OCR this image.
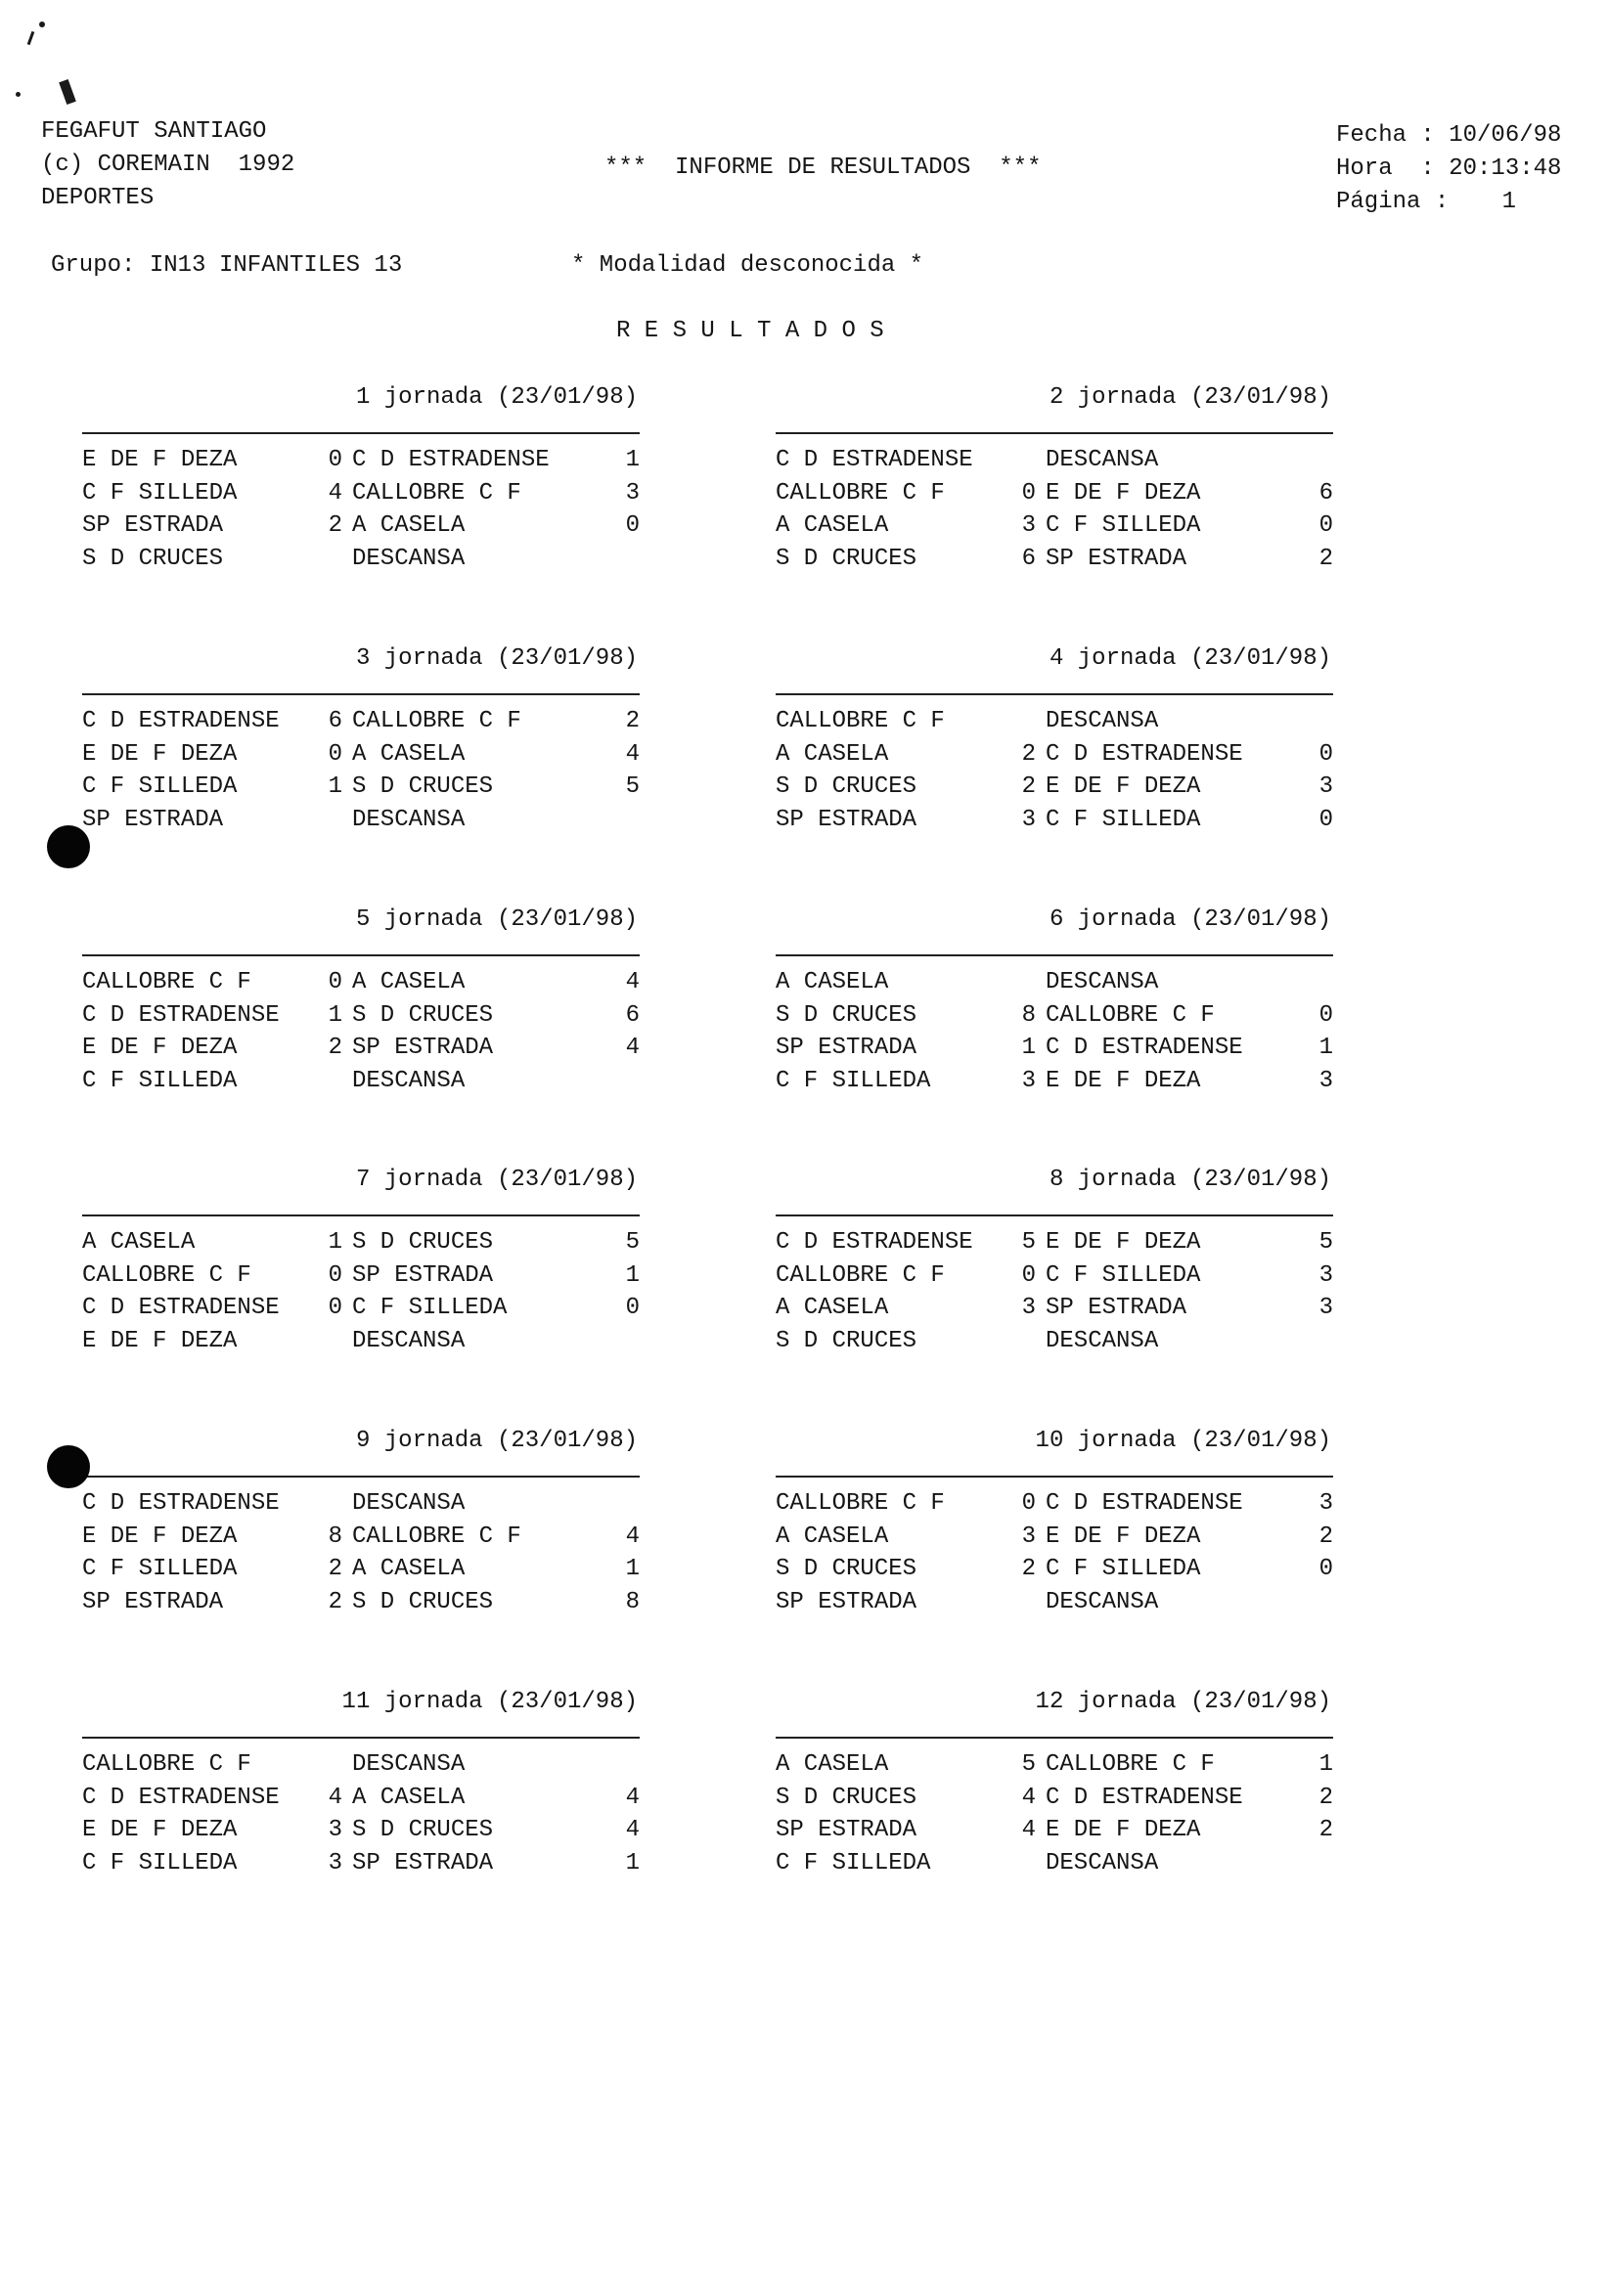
FEGAFUT SANTIAGO
(c) COREMAIN  1992
DEPORTES
***  INFORME DE RESULTADOS  ***
Fecha : 10/06/98
Hora  : 20:13:48
Página :	1
Grupo: IN13 INFANTILES 13	* Modalidad desconocida *
R E S U L T A D O S
1 jornada (23/01/98)
E DE F DEZA	0 C D ESTRADENSE	1
C F SILLEDA	4 CALLOBRE C F	3
SP ESTRADA	2 A CASELA	0
S D CRUCES	DESCANSA
2 jornada (23/01/98)
C D ESTRADENSE	DESCANSA
CALLOBRE C F	0 E DE F DEZA	6
A CASELA	3 C F SILLEDA	0
S D CRUCES	6 SP ESTRADA	2
3 jornada (23/01/98)
C D ESTRADENSE	6 CALLOBRE C F	2
E DE F DEZA	0 A CASELA	4
C F SILLEDA	1 S D CRUCES	5
SP ESTRADA	DESCANSA
4 jornada (23/01/98)
CALLOBRE C F	DESCANSA
A CASELA	2 C D ESTRADENSE	0
S D CRUCES	2 E DE F DEZA	3
SP ESTRADA	3 C F SILLEDA	0
5 jornada (23/01/98)
CALLOBRE C F	0 A CASELA	4
C D ESTRADENSE	1 S D CRUCES	6
E DE F DEZA	2 SP ESTRADA	4
C F SILLEDA	DESCANSA
6 jornada (23/01/98)
A CASELA	DESCANSA
S D CRUCES	8 CALLOBRE C F	0
SP ESTRADA	1 C D ESTRADENSE	1
C F SILLEDA	3 E DE F DEZA	3
7 jornada (23/01/98)
A CASELA	1 S D CRUCES	5
CALLOBRE C F	0 SP ESTRADA	1
C D ESTRADENSE	0 C F SILLEDA	0
E DE F DEZA	DESCANSA
8 jornada (23/01/98)
C D ESTRADENSE	5 E DE F DEZA	5
CALLOBRE C F	0 C F SILLEDA	3
A CASELA	3 SP ESTRADA	3
S D CRUCES	DESCANSA
9 jornada (23/01/98)
C D ESTRADENSE	DESCANSA
E DE F DEZA	8 CALLOBRE C F	4
C F SILLEDA	2 A CASELA	1
SP ESTRADA	2 S D CRUCES	8
10 jornada (23/01/98)
CALLOBRE C F	0 C D ESTRADENSE	3
A CASELA	3 E DE F DEZA	2
S D CRUCES	2 C F SILLEDA	0
SP ESTRADA	DESCANSA
11 jornada (23/01/98)
CALLOBRE C F	DESCANSA
C D ESTRADENSE	4 A CASELA	4
E DE F DEZA	3 S D CRUCES	4
C F SILLEDA	3 SP ESTRADA	1
12 jornada (23/01/98)
A CASELA	5 CALLOBRE C F	1
S D CRUCES	4 C D ESTRADENSE	2
SP ESTRADA	4 E DE F DEZA	2
C F SILLEDA	DESCANSA
